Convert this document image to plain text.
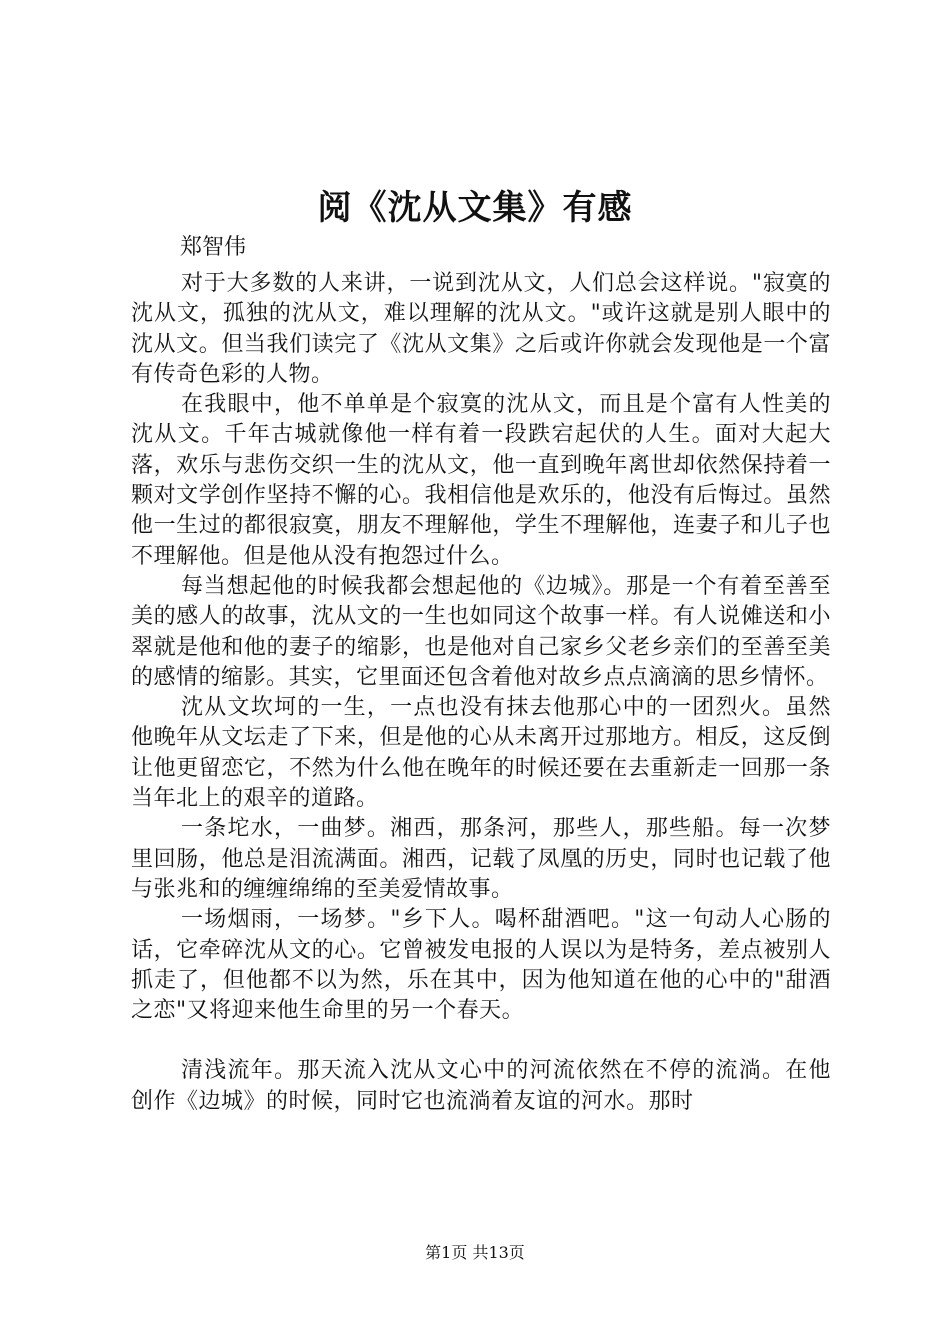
阅《沈从文集》有感
郑智伟

对于大多数的人来讲，一说到沈从文，人们总会这样说。"寂寞的沈从文，孤独的沈从文，难以理解的沈从文。"或许这就是别人眼中的沈从文。但当我们读完了《沈从文集》之后或许你就会发现他是一个富有传奇色彩的人物。

在我眼中，他不单单是个寂寞的沈从文，而且是个富有人性美的沈从文。千年古城就像他一样有着一段跌宕起伏的人生。面对大起大落，欢乐与悲伤交织一生的沈从文，他一直到晚年离世却依然保持着一颗对文学创作坚持不懈的心。我相信他是欢乐的，他没有后悔过。虽然他一生过的都很寂寞，朋友不理解他，学生不理解他，连妻子和儿子也不理解他。但是他从没有抱怨过什么。

每当想起他的时候我都会想起他的《边城》。那是一个有着至善至美的感人的故事，沈从文的一生也如同这个故事一样。有人说傩送和小翠就是他和他的妻子的缩影，也是他对自己家乡父老乡亲们的至善至美的感情的缩影。其实，它里面还包含着他对故乡点点滴滴的思乡情怀。

沈从文坎坷的一生，一点也没有抹去他那心中的一团烈火。虽然他晚年从文坛走了下来，但是他的心从未离开过那地方。相反，这反倒让他更留恋它，不然为什么他在晚年的时候还要在去重新走一回那一条当年北上的艰辛的道路。

一条坨水，一曲梦。湘西，那条河，那些人，那些船。每一次梦里回肠，他总是泪流满面。湘西，记载了凤凰的历史，同时也记载了他与张兆和的缠缠绵绵的至美爱情故事。

一场烟雨，一场梦。"乡下人。喝杯甜酒吧。"这一句动人心肠的话，它牵碎沈从文的心。它曾被发电报的人误以为是特务，差点被别人抓走了，但他都不以为然，乐在其中，因为他知道在他的心中的"甜酒之恋"又将迎来他生命里的另一个春天。

清浅流年。那天流入沈从文心中的河流依然在不停的流淌。在他创作《边城》的时候，同时它也流淌着友谊的河水。那时

第1页 共13页
